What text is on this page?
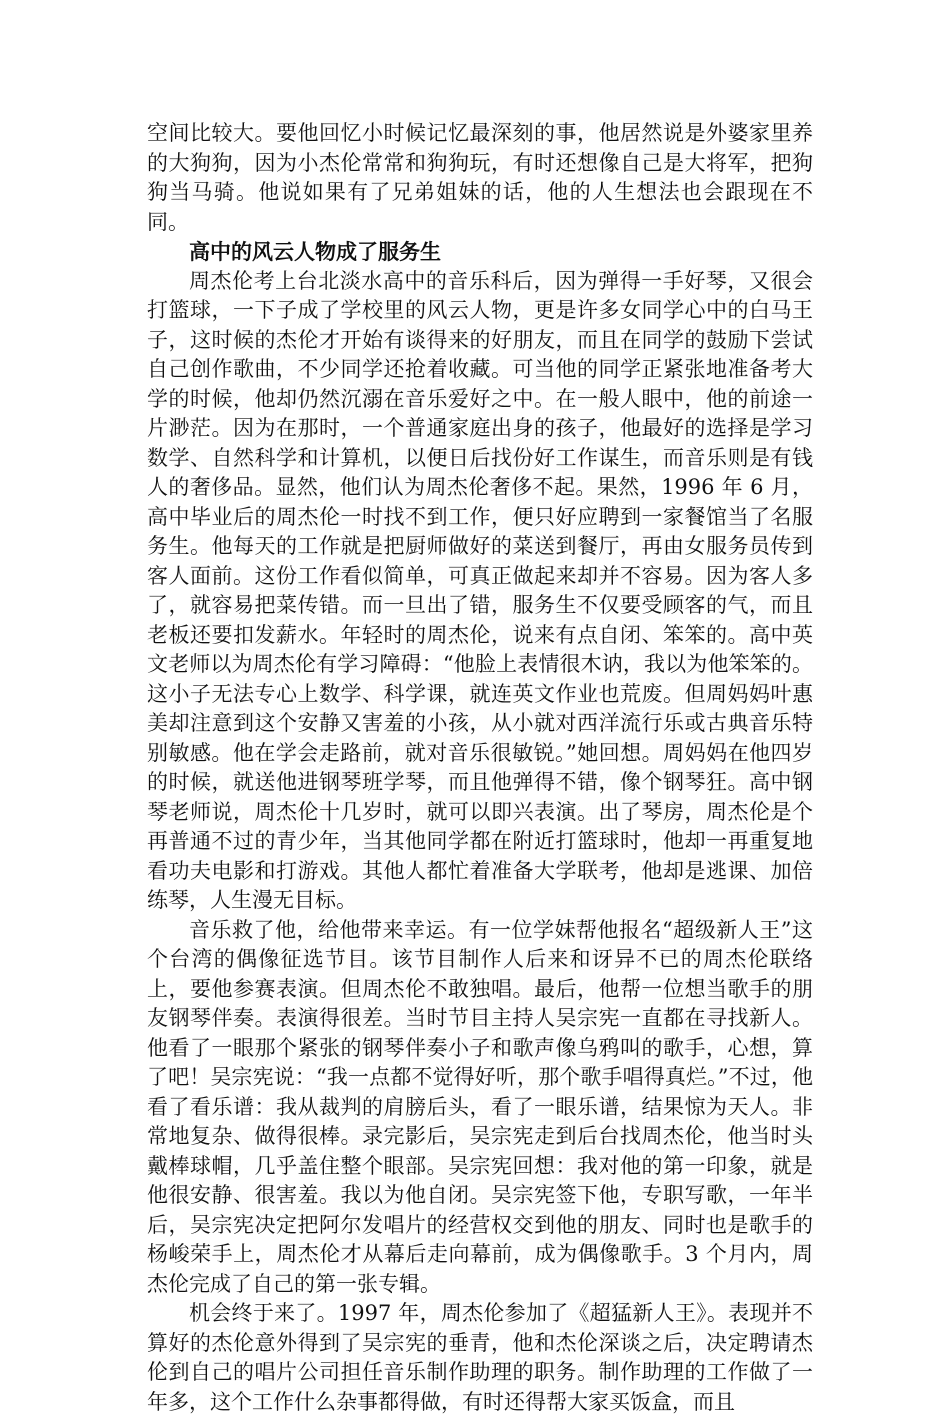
空间比较大。要他回忆小时候记忆最深刻的事，他居然说是外婆家里养的大狗狗，因为小杰伦常常和狗狗玩，有时还想像自己是大将军，把狗狗当马骑。他说如果有了兄弟姐妹的话，他的人生想法也会跟现在不同。

高中的风云人物成了服务生

周杰伦考上台北淡水高中的音乐科后，因为弹得一手好琴，又很会打篮球，一下子成了学校里的风云人物，更是许多女同学心中的白马王子，这时候的杰伦才开始有谈得来的好朋友，而且在同学的鼓励下尝试自己创作歌曲，不少同学还抢着收藏。可当他的同学正紧张地准备考大学的时候，他却仍然沉溺在音乐爱好之中。在一般人眼中，他的前途一片渺茫。因为在那时，一个普通家庭出身的孩子，他最好的选择是学习数学、自然科学和计算机，以便日后找份好工作谋生，而音乐则是有钱人的奢侈品。显然，他们认为周杰伦奢侈不起。果然，1996 年 6 月，高中毕业后的周杰伦一时找不到工作，便只好应聘到一家餐馆当了名服务生。他每天的工作就是把厨师做好的菜送到餐厅，再由女服务员传到客人面前。这份工作看似简单，可真正做起来却并不容易。因为客人多了，就容易把菜传错。而一旦出了错，服务生不仅要受顾客的气，而且老板还要扣发薪水。年轻时的周杰伦，说来有点自闭、笨笨的。高中英文老师以为周杰伦有学习障碍：“他脸上表情很木讷，我以为他笨笨的。这小子无法专心上数学、科学课，就连英文作业也荒废。但周妈妈叶惠美却注意到这个安静又害羞的小孩，从小就对西洋流行乐或古典音乐特别敏感。他在学会走路前，就对音乐很敏锐。”她回想。周妈妈在他四岁的时候，就送他进钢琴班学琴，而且他弹得不错，像个钢琴狂。高中钢琴老师说，周杰伦十几岁时，就可以即兴表演。出了琴房，周杰伦是个再普通不过的青少年，当其他同学都在附近打篮球时，他却一再重复地看功夫电影和打游戏。其他人都忙着准备大学联考，他却是逃课、加倍练琴，人生漫无目标。

音乐救了他，给他带来幸运。有一位学妹帮他报名“超级新人王”这个台湾的偶像征选节目。该节目制作人后来和讶异不已的周杰伦联络上，要他参赛表演。但周杰伦不敢独唱。最后，他帮一位想当歌手的朋友钢琴伴奏。表演得很差。当时节目主持人吴宗宪一直都在寻找新人。他看了一眼那个紧张的钢琴伴奏小子和歌声像乌鸦叫的歌手，心想，算了吧！吴宗宪说：“我一点都不觉得好听，那个歌手唱得真烂。”不过，他看了看乐谱：我从裁判的肩膀后头，看了一眼乐谱，结果惊为天人。非常地复杂、做得很棒。录完影后，吴宗宪走到后台找周杰伦，他当时头戴棒球帽，几乎盖住整个眼部。吴宗宪回想：我对他的第一印象，就是他很安静、很害羞。我以为他自闭。吴宗宪签下他，专职写歌，一年半后，吴宗宪决定把阿尔发唱片的经营权交到他的朋友、同时也是歌手的杨峻荣手上，周杰伦才从幕后走向幕前，成为偶像歌手。3 个月内，周杰伦完成了自己的第一张专辑。

机会终于来了。1997 年，周杰伦参加了《超猛新人王》。表现并不算好的杰伦意外得到了吴宗宪的垂青，他和杰伦深谈之后，决定聘请杰伦到自己的唱片公司担任音乐制作助理的职务。制作助理的工作做了一年多，这个工作什么杂事都得做，有时还得帮大家买饭盒，而且
